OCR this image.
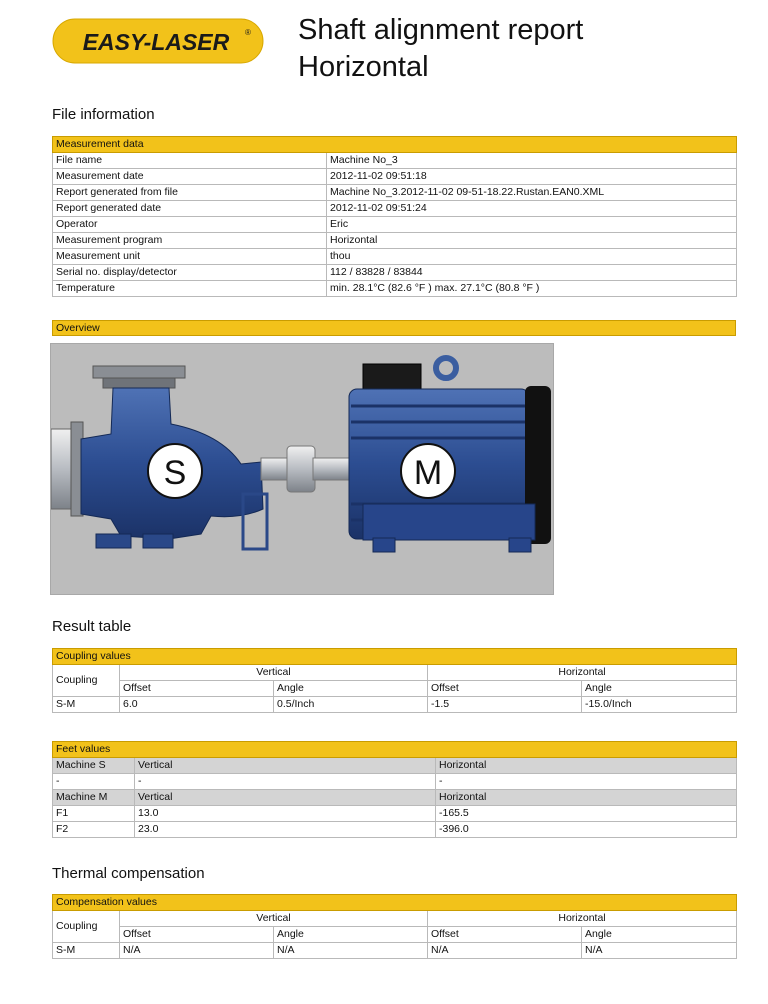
EASY-LASER ® Shaft alignment report
Horizontal
File information
Measurement data	
File name	Machine No_3
Measurement date	2012-11-02 09:51:18
Report generated from file	Machine No_3.2012-11-02 09-51-18.22.Rustan.EAN0.XML
Report generated date	2012-11-02 09:51:24
Operator	Eric
Measurement program	Horizontal
Measurement unit	thou
Serial no. display/detector	112 / 83828 / 83844
Temperature	min. 28.1°C (82.6 °F ) max. 27.1°C (80.8 °F )
Overview
S	M
Result table
Coupling values				
Coupling	Vertical		Horizontal	
	Offset	Angle	Offset	Angle
S-M	6.0	0.5/Inch	-1.5	-15.0/Inch
Feet values		
Machine S	Vertical	Horizontal
-	-	-
Machine M	Vertical	Horizontal
F1	13.0	-165.5
F2	23.0	-396.0
Thermal compensation
Compensation values				
Coupling	Vertical		Horizontal	
	Offset	Angle	Offset	Angle
S-M	N/A	N/A	N/A	N/A
